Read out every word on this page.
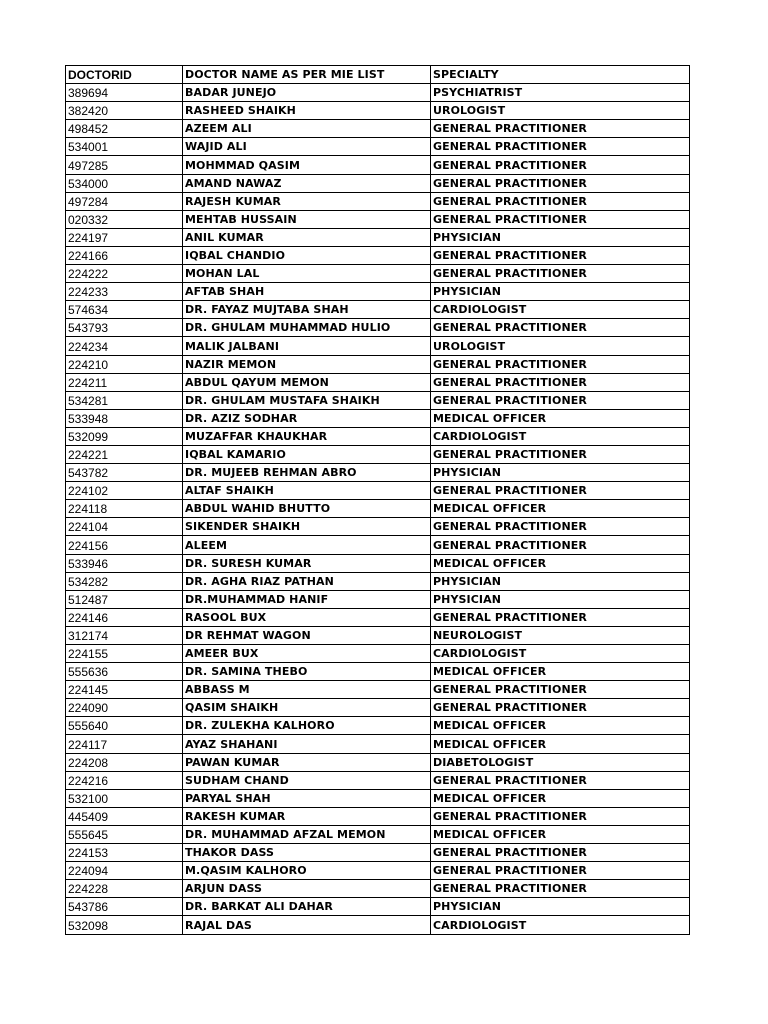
DOCTORID	DOCTOR NAME AS PER MIE LIST	SPECIALTY
389694	BADAR JUNEJO	PSYCHIATRIST
382420	RASHEED SHAIKH	UROLOGIST
498452	AZEEM ALI	GENERAL PRACTITIONER
534001	WAJID ALI	GENERAL PRACTITIONER
497285	MOHMMAD QASIM	GENERAL PRACTITIONER
534000	AMAND NAWAZ	GENERAL PRACTITIONER
497284	RAJESH KUMAR	GENERAL PRACTITIONER
020332	MEHTAB HUSSAIN	GENERAL PRACTITIONER
224197	ANIL KUMAR	PHYSICIAN
224166	IQBAL CHANDIO	GENERAL PRACTITIONER
224222	MOHAN LAL	GENERAL PRACTITIONER
224233	AFTAB SHAH	PHYSICIAN
574634	DR. FAYAZ MUJTABA SHAH	CARDIOLOGIST
543793	DR. GHULAM MUHAMMAD HULIO	GENERAL PRACTITIONER
224234	MALIK JALBANI	UROLOGIST
224210	NAZIR MEMON	GENERAL PRACTITIONER
224211	ABDUL QAYUM MEMON	GENERAL PRACTITIONER
534281	DR. GHULAM MUSTAFA SHAIKH	GENERAL PRACTITIONER
533948	DR. AZIZ SODHAR	MEDICAL OFFICER
532099	MUZAFFAR KHAUKHAR	CARDIOLOGIST
224221	IQBAL KAMARIO	GENERAL PRACTITIONER
543782	DR. MUJEEB REHMAN ABRO	PHYSICIAN
224102	ALTAF SHAIKH	GENERAL PRACTITIONER
224118	ABDUL WAHID BHUTTO	MEDICAL OFFICER
224104	SIKENDER SHAIKH	GENERAL PRACTITIONER
224156	ALEEM	GENERAL PRACTITIONER
533946	DR. SURESH KUMAR	MEDICAL OFFICER
534282	DR. AGHA RIAZ PATHAN	PHYSICIAN
512487	DR.MUHAMMAD HANIF	PHYSICIAN
224146	RASOOL BUX	GENERAL PRACTITIONER
312174	DR REHMAT WAGON	NEUROLOGIST
224155	AMEER BUX	CARDIOLOGIST
555636	DR. SAMINA THEBO	MEDICAL OFFICER
224145	ABBASS M	GENERAL PRACTITIONER
224090	QASIM SHAIKH	GENERAL PRACTITIONER
555640	DR. ZULEKHA KALHORO	MEDICAL OFFICER
224117	AYAZ SHAHANI	MEDICAL OFFICER
224208	PAWAN KUMAR	DIABETOLOGIST
224216	SUDHAM CHAND	GENERAL PRACTITIONER
532100	PARYAL SHAH	MEDICAL OFFICER
445409	RAKESH KUMAR	GENERAL PRACTITIONER
555645	DR. MUHAMMAD AFZAL MEMON	MEDICAL OFFICER
224153	THAKOR DASS	GENERAL PRACTITIONER
224094	M.QASIM KALHORO	GENERAL PRACTITIONER
224228	ARJUN DASS	GENERAL PRACTITIONER
543786	DR. BARKAT ALI DAHAR	PHYSICIAN
532098	RAJAL DAS	CARDIOLOGIST
